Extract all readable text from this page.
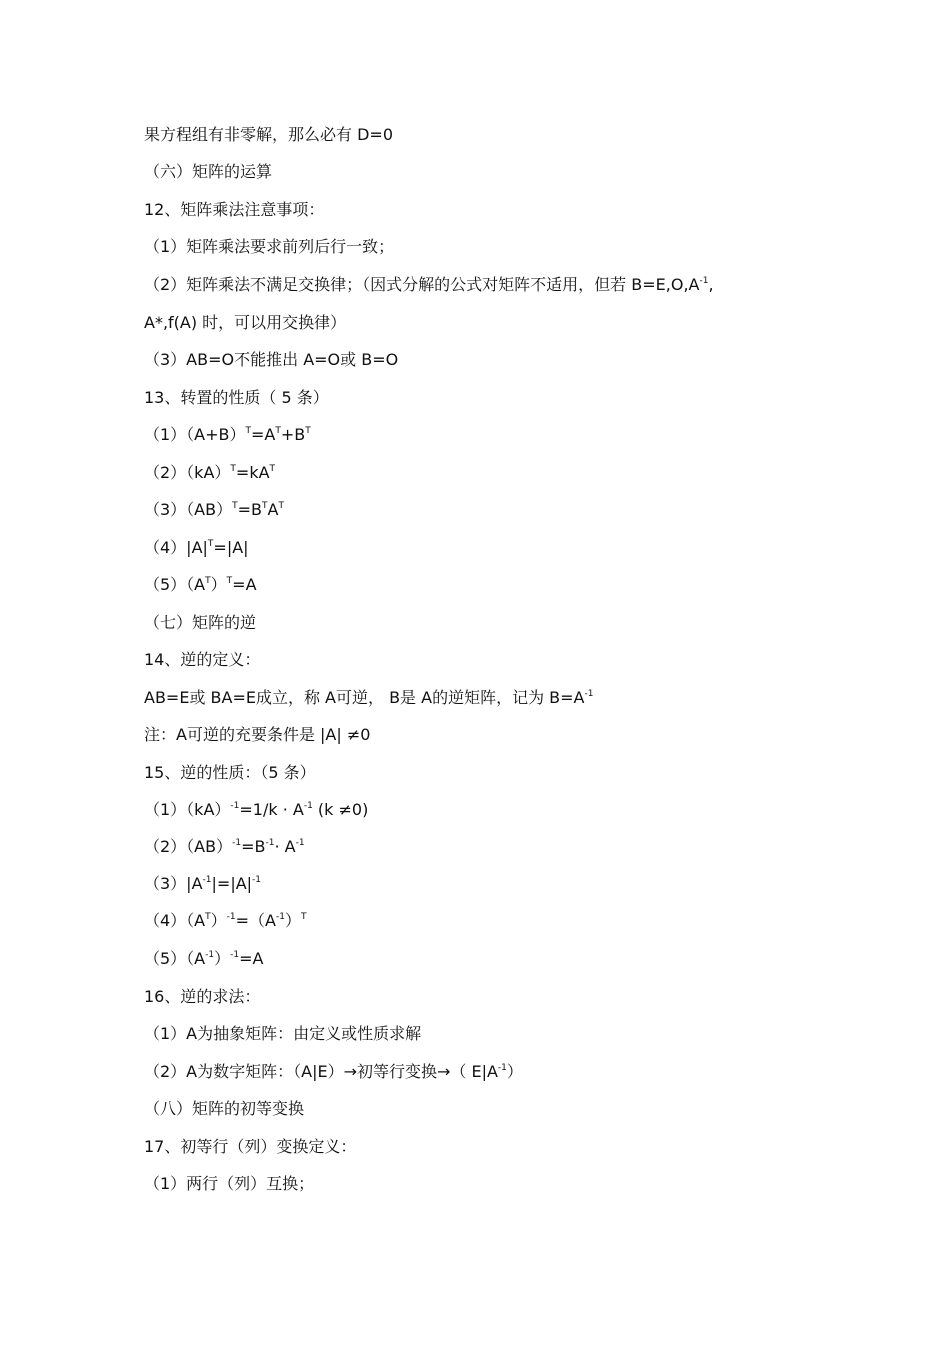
果方程组有非零解，那么必有 D=0
（六）矩阵的运算
12、矩阵乘法注意事项：
（1）矩阵乘法要求前列后行一致；
（2）矩阵乘法不满足交换律；（因式分解的公式对矩阵不适用，但若 $B=E,O,A^{-1}$,
A*,f(A) 时，可以用交换律）
（3）AB=O不能推出 A=O或 B=O
13、转置的性质（ 5 条）
$(1)(A+B)^T=A^T+B^T$
$(2)(kA)^T=kA^T$
$(3)(AB)^T=B^TA^T$
$(4)|A|^T=|A|$
$(5)(A^T)^T=A$
（七）矩阵的逆
14、逆的定义：
AB=E或 BA=E成立，称 A可逆， B是 A的逆矩阵，记为 $B=A^{-1}$
注：A可逆的充要条件是 |A| ≠0
15、逆的性质：（5 条）
$(1)(kA)^{-1}=1/k \cdot A^{-1}$ (k ≠0)
$(2)(AB)^{-1}=B^{-1}\cdot A^{-1}$
$(3)|A^{-1}|=|A|^{-1}$
$(4)(A^T)^{-1}=(A^{-1})^T$
$(5)(A^{-1})^{-1}=A$
16、逆的求法：
（1）A为抽象矩阵：由定义或性质求解
（2）A为数字矩阵：（A|E）→初等行变换→（ $E|A^{-1}$）
（八）矩阵的初等变换
17、初等行（列）变换定义：
（1）两行（列）互换；
